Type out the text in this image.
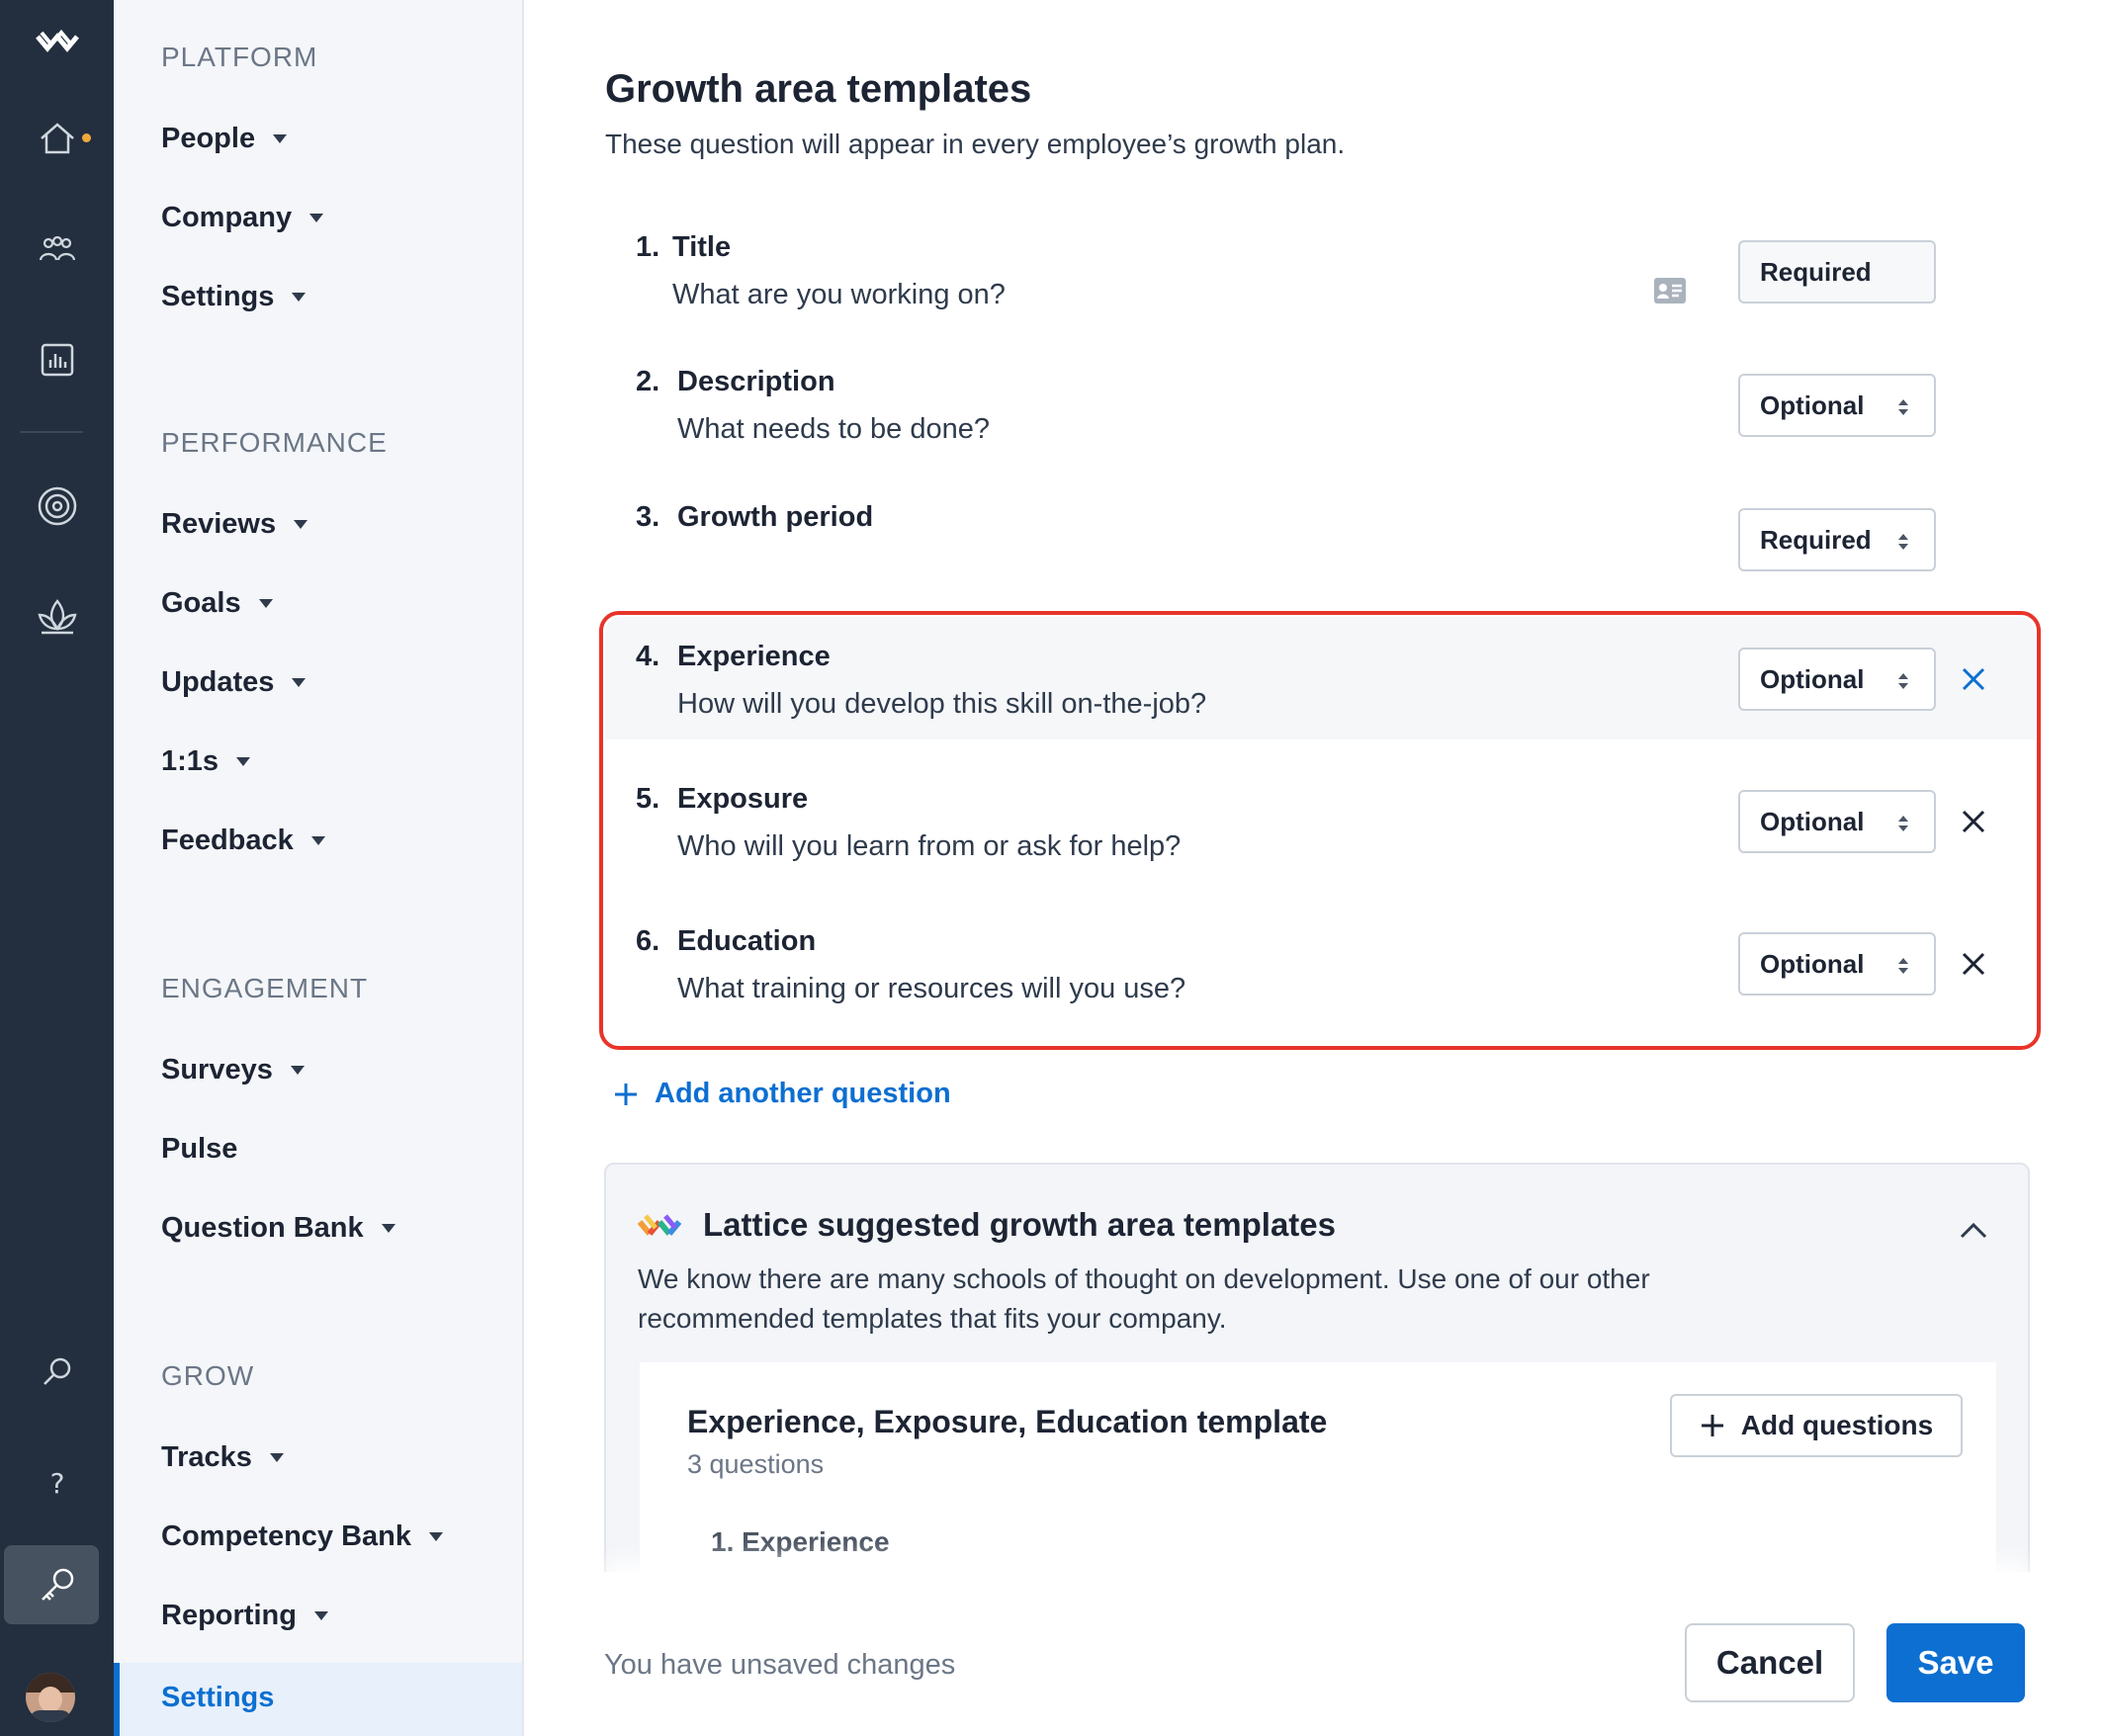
?
PLATFORM
People
Company
Settings
PERFORMANCE
Reviews
Goals
Updates
1:1s
Feedback
ENGAGEMENT
Surveys
Pulse
Question Bank
GROW
Tracks
Competency Bank
Reporting
Settings
Growth area templates
These question will appear in every employee’s growth plan.
1. Title
What are you working on?
Required
2. Description
What needs to be done?
Optional
3. Growth period
Required
4. Experience
How will you develop this skill on-the-job?
Optional
5. Exposure
Who will you learn from or ask for help?
Optional
6. Education
What training or resources will you use?
Optional
Add another question
Lattice suggested growth area templates
We know there are many schools of thought on development. Use one of our other recommended templates that fits your company.
Experience, Exposure, Education template
3 questions
Add questions
1. Experience
You have unsaved changes	Cancel	Save
